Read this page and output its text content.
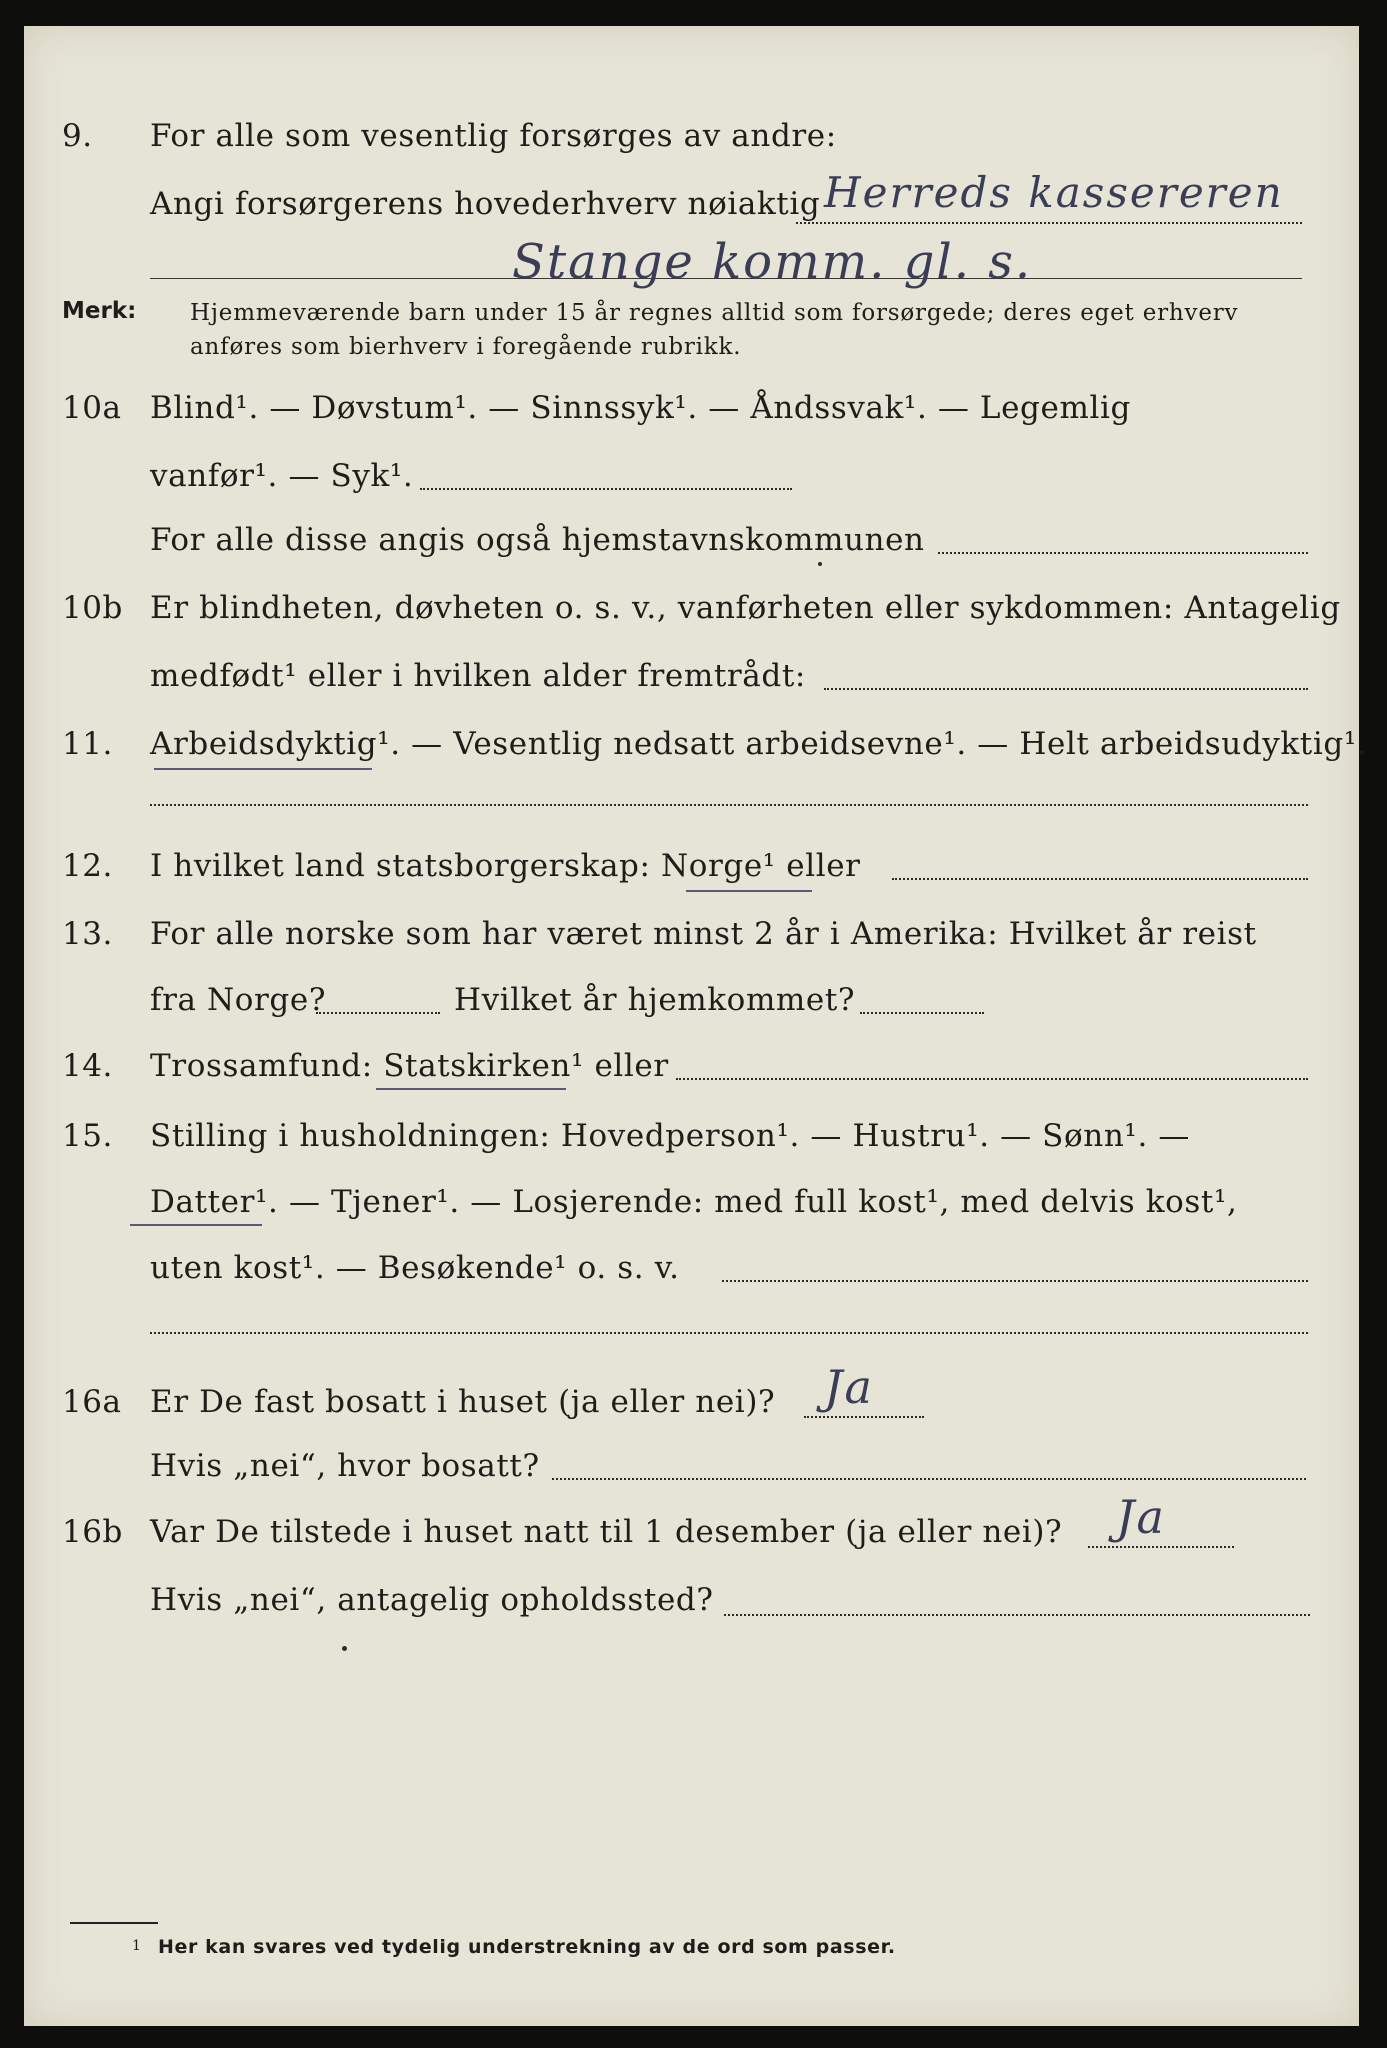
9. For alle som vesentlig forsørges av andre:
Angi forsørgerens hovederhverv nøiaktig Herreds kassereren
Stange komm. gl. s.
Merk: Hjemmeværende barn under 15 år regnes alltid som forsørgede; deres eget erhverv
anføres som bierhverv i foregående rubrikk.
10a Blind¹. — Døvstum¹. — Sinnssyk¹. — Åndssvak¹. — Legemlig
vanfør¹. — Syk¹.
For alle disse angis også hjemstavnskommunen
10b Er blindheten, døvheten o. s. v., vanførheten eller sykdommen: Antagelig
medfødt¹ eller i hvilken alder fremtrådt:
11. Arbeidsdyktig¹. — Vesentlig nedsatt arbeidsevne¹. — Helt arbeidsudyktig¹.
12. I hvilket land statsborgerskap: Norge¹ eller
13. For alle norske som har været minst 2 år i Amerika: Hvilket år reist
fra Norge?	Hvilket år hjemkommet?
14. Trossamfund: Statskirken¹ eller
15. Stilling i husholdningen: Hovedperson¹. — Hustru¹. — Sønn¹. —
Datter¹. — Tjener¹. — Losjerende: med full kost¹, med delvis kost¹,
uten kost¹. — Besøkende¹ o. s. v.
16a Er De fast bosatt i huset (ja eller nei)? Ja
Hvis „nei“, hvor bosatt?
16b Var De tilstede i huset natt til 1 desember (ja eller nei)? Ja
Hvis „nei“, antagelig opholdssted?
1 Her kan svares ved tydelig understrekning av de ord som passer.
